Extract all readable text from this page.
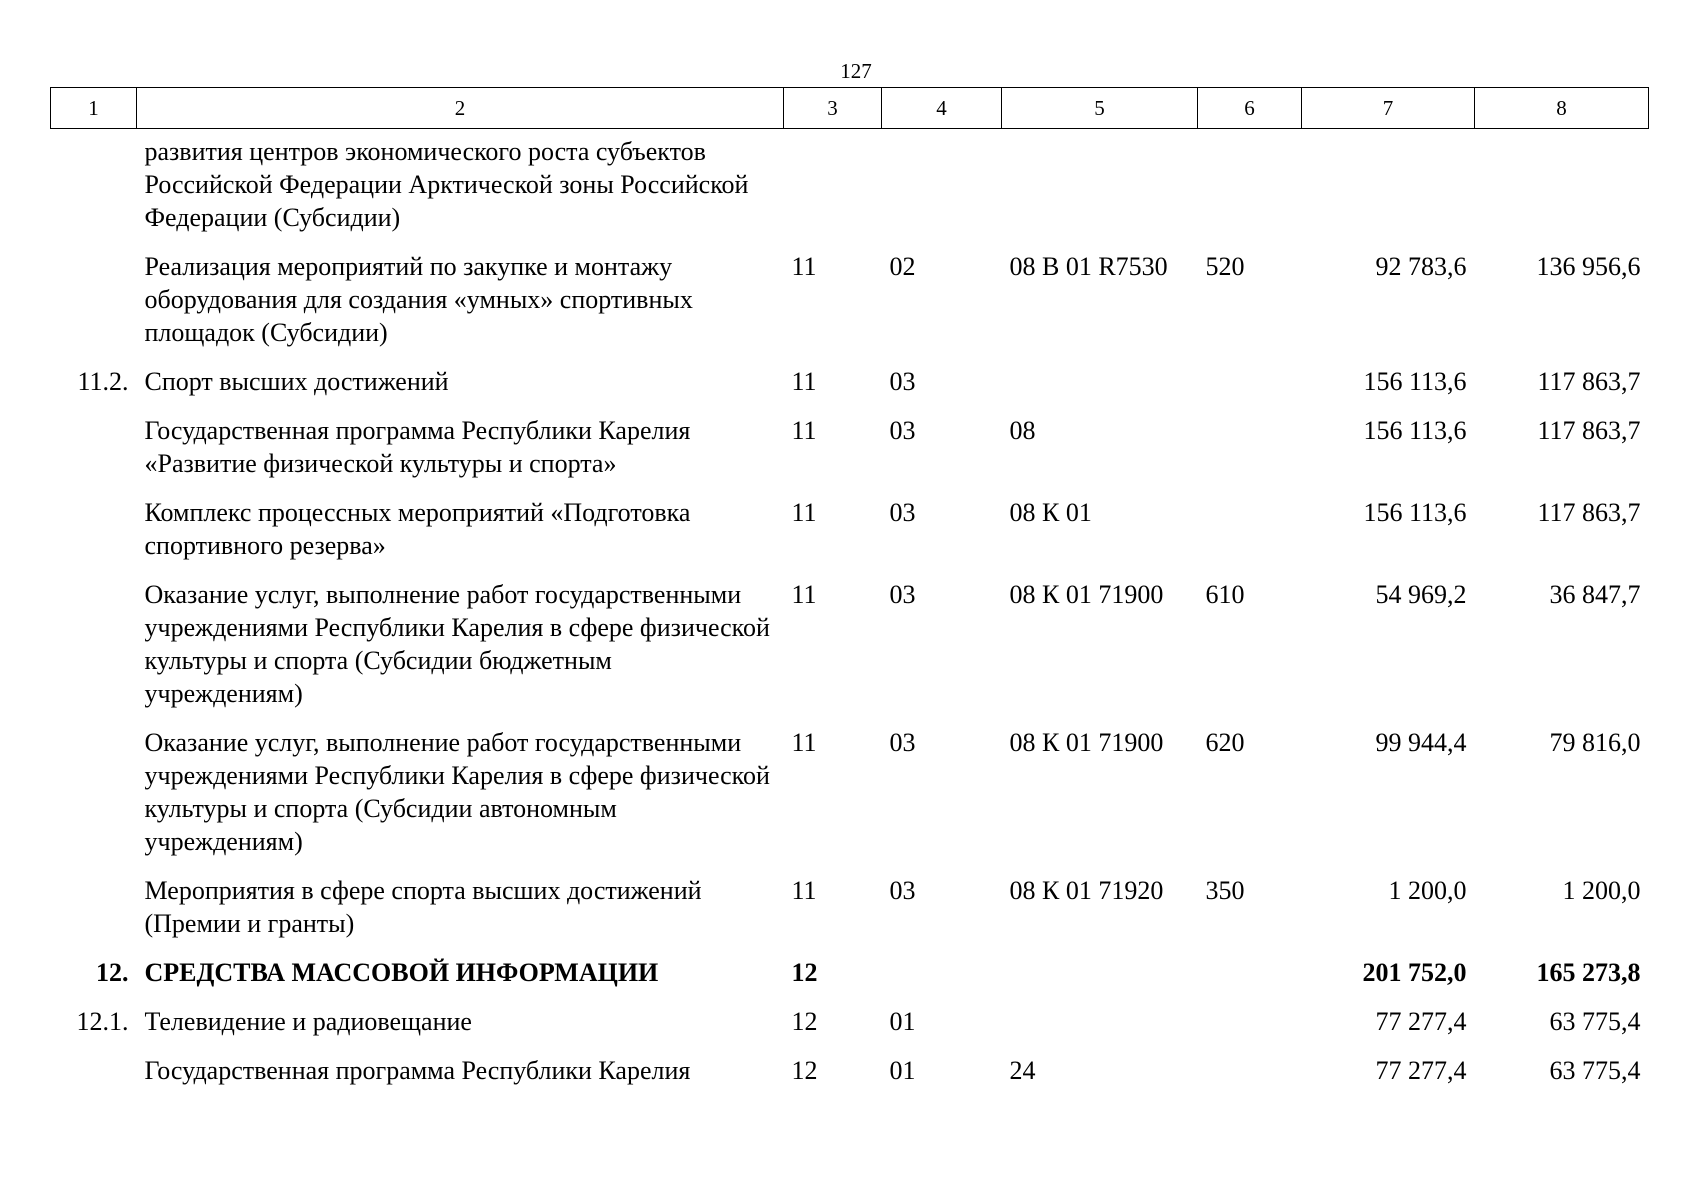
127
1	2	3	4	5	6	7	8
	развития центров экономического роста субъектов Российской Федерации Арктической зоны Российской Федерации (Субсидии)						
	Реализация мероприятий по закупке и монтажу оборудования для создания «умных» спортивных площадок (Субсидии)	11	02	08 В 01 R7530	520	92 783,6	136 956,6
11.2.	Спорт высших достижений	11	03			156 113,6	117 863,7
	Государственная программа Республики Карелия «Развитие физической культуры и спорта»	11	03	08		156 113,6	117 863,7
	Комплекс процессных мероприятий «Подготовка спортивного резерва»	11	03	08 К 01		156 113,6	117 863,7
	Оказание услуг, выполнение работ государственными учреждениями Республики Карелия в сфере физической культуры и спорта (Субсидии бюджетным учреждениям)	11	03	08 К 01 71900	610	54 969,2	36 847,7
	Оказание услуг, выполнение работ государственными учреждениями Республики Карелия в сфере физической культуры и спорта (Субсидии автономным учреждениям)	11	03	08 К 01 71900	620	99 944,4	79 816,0
	Мероприятия в сфере спорта высших достижений (Премии и гранты)	11	03	08 К 01 71920	350	1 200,0	1 200,0
12.	СРЕДСТВА МАССОВОЙ ИНФОРМАЦИИ	12				201 752,0	165 273,8
12.1.	Телевидение и радиовещание	12	01			77 277,4	63 775,4
	Государственная программа Республики Карелия	12	01	24		77 277,4	63 775,4
